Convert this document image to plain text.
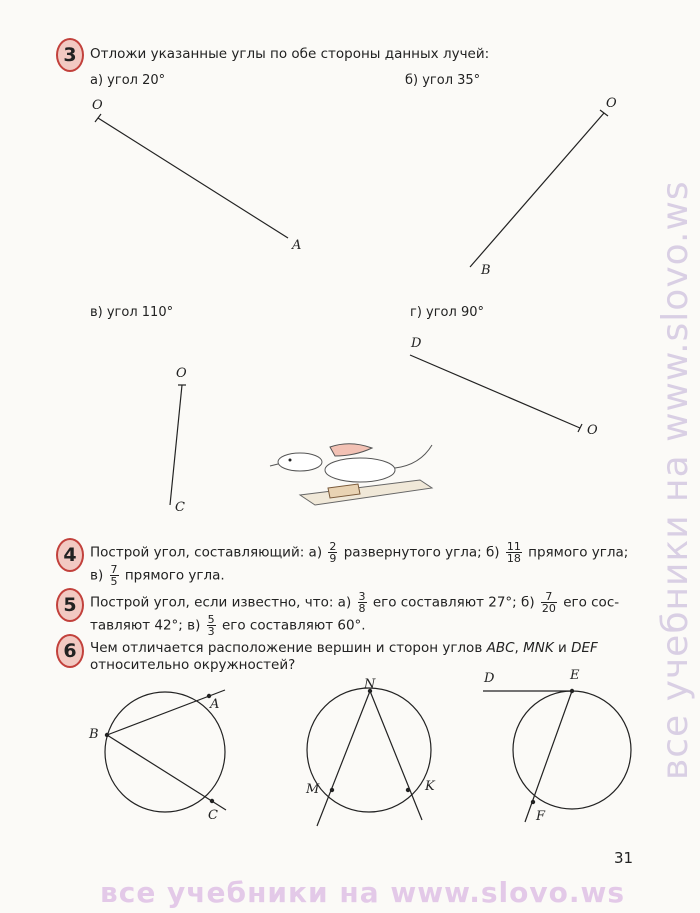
3 Отложи указанные углы по обе стороны данных лучей:
а) угол 20°	б) угол 35°
в) угол 110°	г) угол 90°
O
A
O
B
O
C
D
O
4 Построй угол, составляющий: $а) \frac{2}{9}$ развернутого угла; $б) \frac{11}{18}$ прямого угла;
$в) \frac{7}{5}$ прямого угла.
5 Построй угол, если известно, что: $а) \frac{3}{8}$ его составляют 27°; $б) \frac{7}{20}$ его сос-
тавляют 42°; $в) \frac{5}{3}$ его составляют 60°.
6 Чем отличается расположение вершин и сторон углов ABC, MNK и DEF
относительно окружностей?
A
B
C
N
M	K
D	E
F
31
все учебники на www.slovo.ws
все учебники на www.slovo.ws
